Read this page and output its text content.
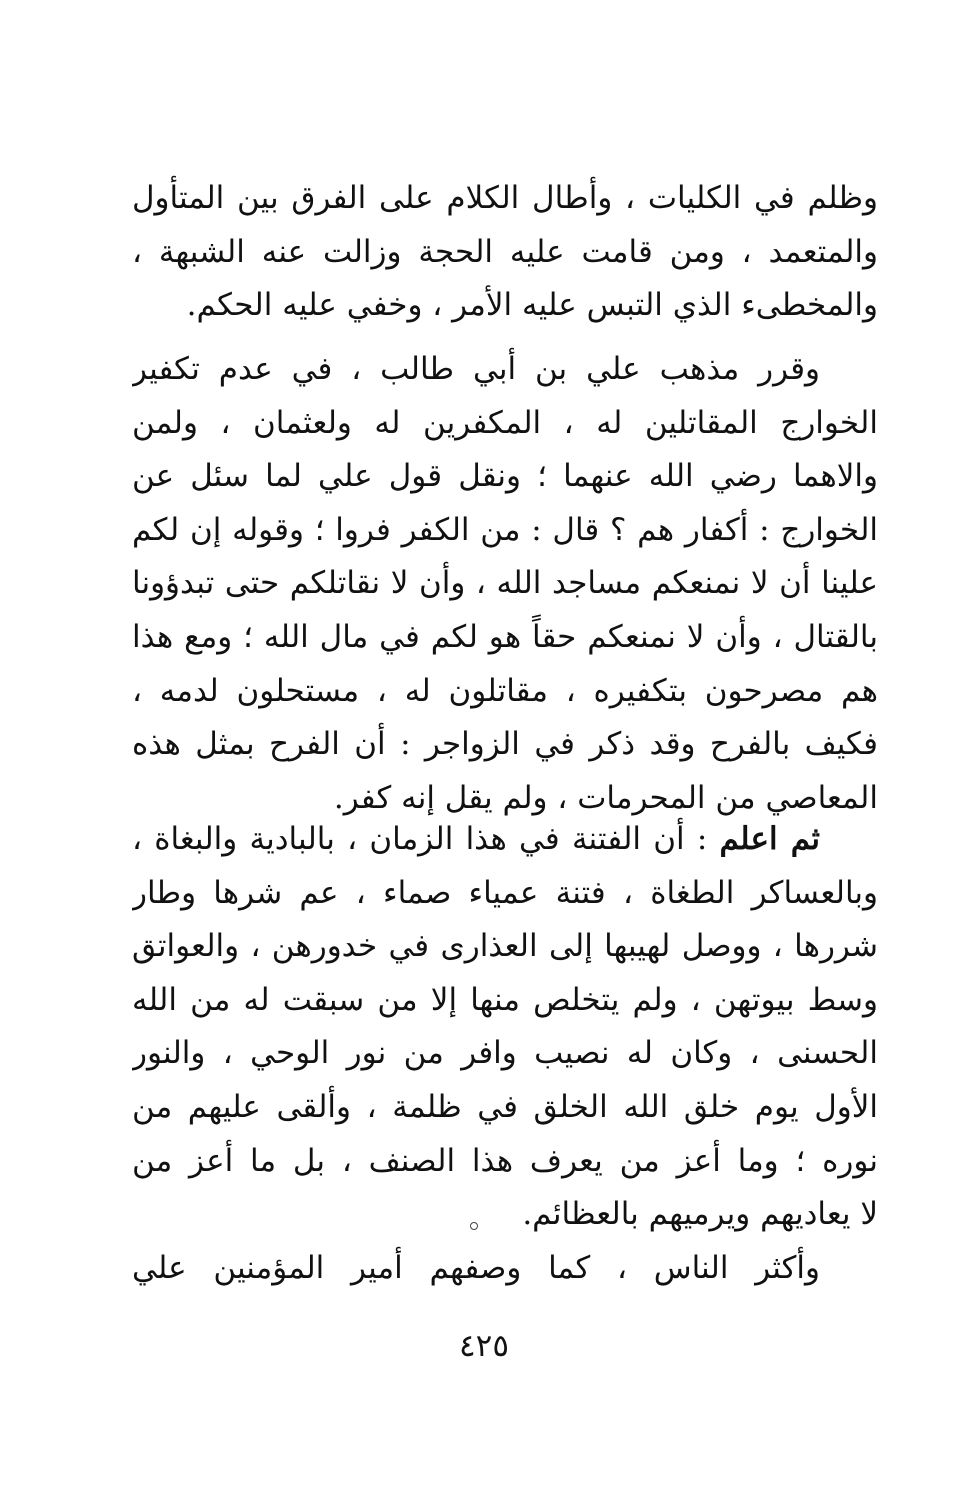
وظلم في الكليات ، وأطال الكلام على الفرق بين المتأول
والمتعمد ، ومن قامت عليه الحجة وزالت عنه الشبهة ،
والمخطىء الذي التبس عليه الأمر ، وخفي عليه الحكم.
وقرر مذهب علي بن أبي طالب ، في عدم تكفير
الخوارج المقاتلين له ، المكفرين له ولعثمان ، ولمن
والاهما رضي الله عنهما ؛ ونقل قول علي لما سئل عن
الخوارج : أكفار هم ؟ قال : من الكفر فروا ؛ وقوله إن لكم
علينا أن لا نمنعكم مساجد الله ، وأن لا نقاتلكم حتى تبدؤونا
بالقتال ، وأن لا نمنعكم حقاً هو لكم في مال الله ؛ ومع هذا
هم مصرحون بتكفيره ، مقاتلون له ، مستحلون لدمه ،
فكيف بالفرح وقد ذكر في الزواجر : أن الفرح بمثل هذه
المعاصي من المحرمات ، ولم يقل إنه كفر.
ثم اعلم : أن الفتنة في هذا الزمان ، بالبادية والبغاة ،
وبالعساكر الطغاة ، فتنة عمياء صماء ، عم شرها وطار
شررها ، ووصل لهيبها إلى العذارى في خدورهن ، والعواتق
وسط بيوتهن ، ولم يتخلص منها إلا من سبقت له من الله
الحسنى ، وكان له نصيب وافر من نور الوحي ، والنور
الأول يوم خلق الله الخلق في ظلمة ، وألقى عليهم من
نوره ؛ وما أعز من يعرف هذا الصنف ، بل ما أعز من
لا يعاديهم ويرميهم بالعظائم.
وأكثر الناس ، كما وصفهم أمير المؤمنين علي
٤٢٥
